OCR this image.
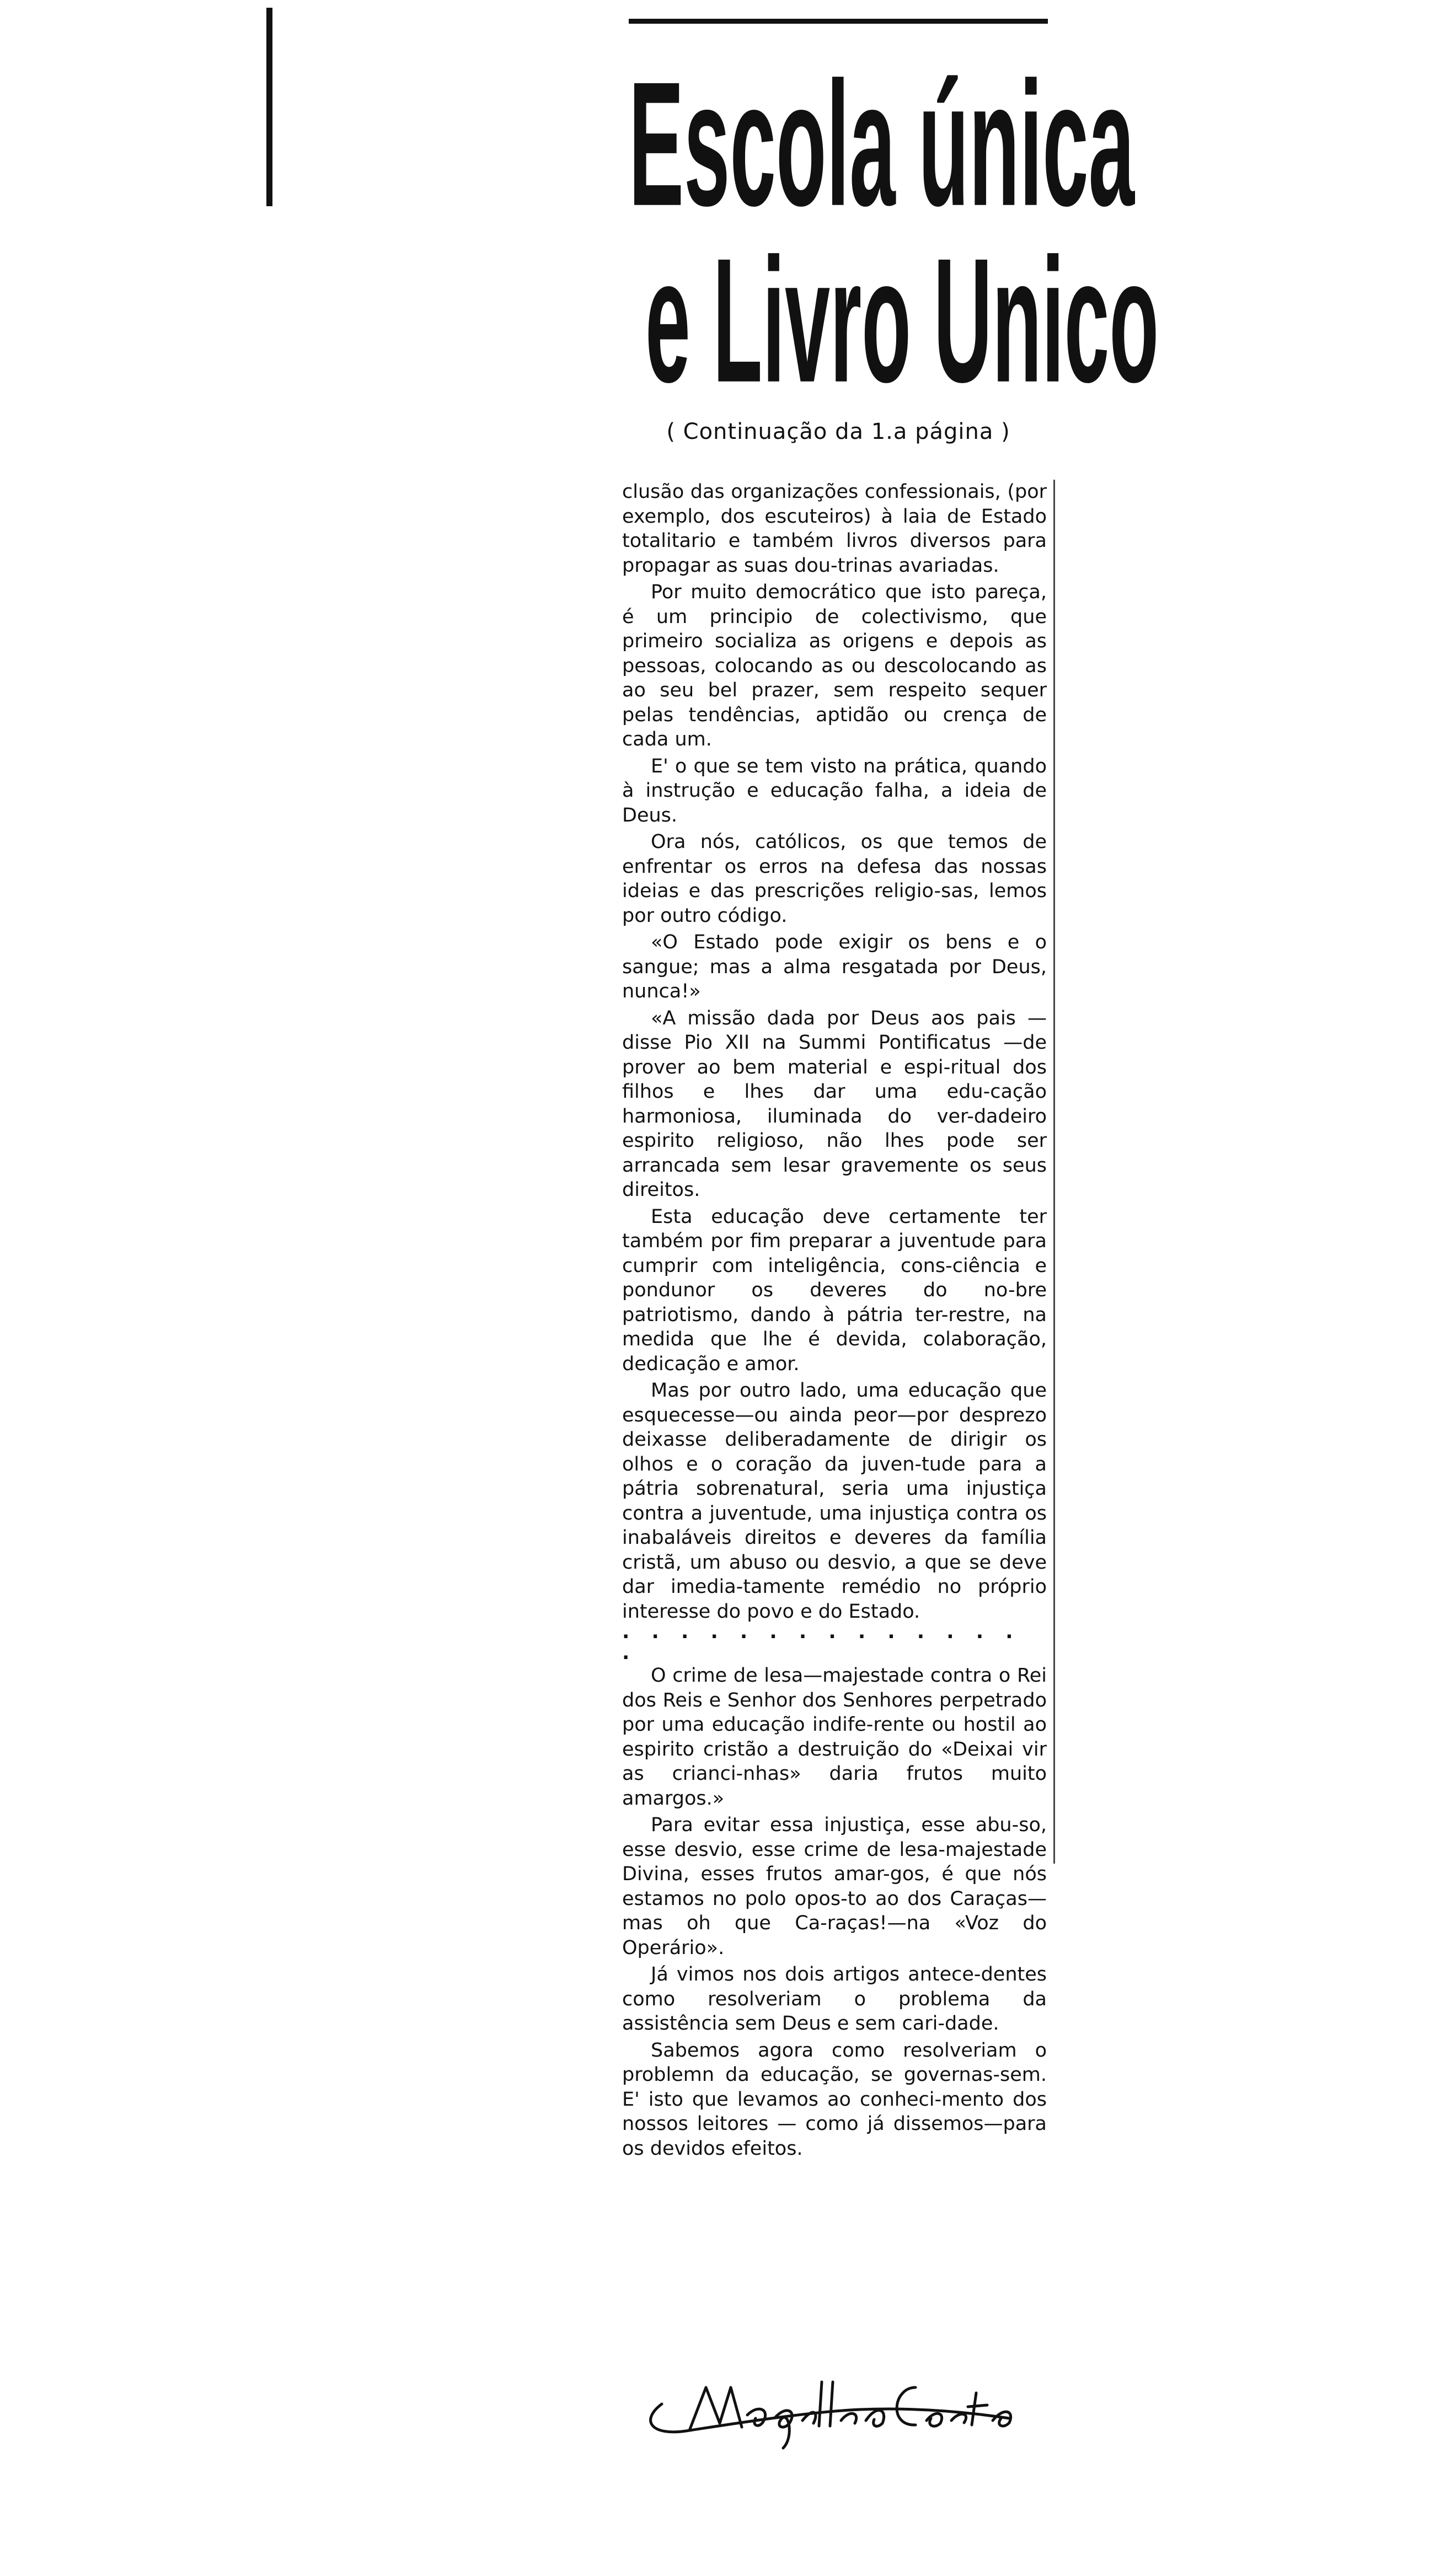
Escola única
e Livro Unico
( Continuação da 1.a página )

clusão das organizações confessionais, (por exemplo, dos escuteiros) à laia de Estado totalitario e também livros diversos para propagar as suas dou-trinas avariadas.

Por muito democrático que isto pareça, é um principio de colectivismo, que primeiro socializa as origens e depois as pessoas, colocando as ou descolocando as ao seu bel prazer, sem respeito sequer pelas tendências, aptidão ou crença de cada um.

E' o que se tem visto na prática, quando à instrução e educação falha, a ideia de Deus.

Ora nós, católicos, os que temos de enfrentar os erros na defesa das nossas ideias e das prescrições religio-sas, lemos por outro código.

«O Estado pode exigir os bens e o sangue; mas a alma resgatada por Deus, nunca!»

«A missão dada por Deus aos pais —disse Pio XII na Summi Pontificatus —de prover ao bem material e espi-ritual dos filhos e lhes dar uma edu-cação harmoniosa, iluminada do ver-dadeiro espirito religioso, não lhes pode ser arrancada sem lesar gravemente os seus direitos.

Esta educação deve certamente ter também por fim preparar a juventude para cumprir com inteligência, cons-ciência e pondunor os deveres do no-bre patriotismo, dando à pátria ter-restre, na medida que lhe é devida, colaboração, dedicação e amor.

Mas por outro lado, uma educação que esquecesse—ou ainda peor—por desprezo deixasse deliberadamente de dirigir os olhos e o coração da juven-tude para a pátria sobrenatural, seria uma injustiça contra a juventude, uma injustiça contra os inabaláveis direitos e deveres da família cristã, um abuso ou desvio, a que se deve dar imedia-tamente remédio no próprio interesse do povo e do Estado.

. . . . . . . . . . . . . . .

O crime de lesa—majestade contra o Rei dos Reis e Senhor dos Senhores perpetrado por uma educação indife-rente ou hostil ao espirito cristão a destruição do «Deixai vir as crianci-nhas» daria frutos muito amargos.»

Para evitar essa injustiça, esse abu-so, esse desvio, esse crime de lesa-majestade Divina, esses frutos amar-gos, é que nós estamos no polo opos-to ao dos Caraças—mas oh que Ca-raças!—na «Voz do Operário».

Já vimos nos dois artigos antece-dentes como resolveriam o problema da assistência sem Deus e sem cari-dade.

Sabemos agora como resolveriam o problemn da educação, se governas-sem. E' isto que levamos ao conheci-mento dos nossos leitores — como já dissemos—para os devidos efeitos.
